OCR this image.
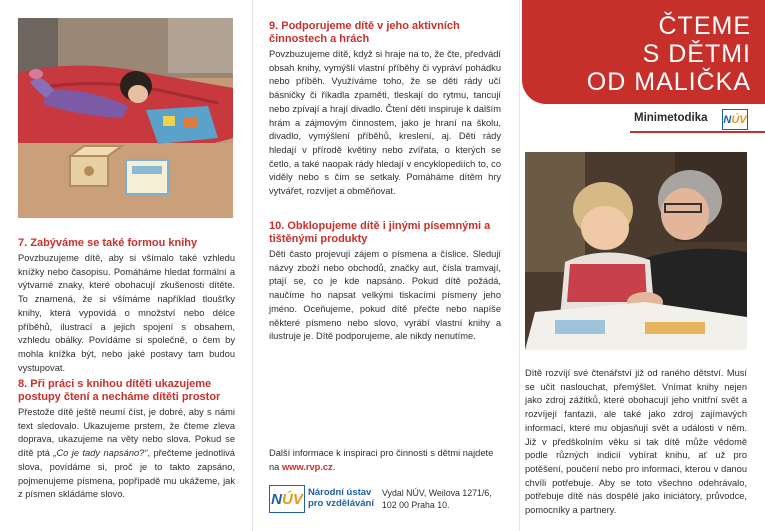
7. Zabýváme se také formou knihy

Povzbuzujeme dítě, aby si všímalo také vzhledu knížky nebo časopisu. Pomáháme hledat formální a výtvarné znaky, které obohacují zkušenosti dítěte. To znamená, že si všímáme například tloušťky knihy, která vypovídá o množství nebo délce příběhů, ilustrací a jejich spojení s obsahem, vzhledu obálky. Povídáme si společně, o čem by mohla knížka být, nebo jaké postavy tam budou vystupovat.

8. Při práci s knihou dítěti ukazujeme postupy čtení a necháme dítěti prostor

Přestože dítě ještě neumí číst, je dobré, aby s námi text sledovalo. Ukazujeme prstem, že čteme zleva doprava, ukazujeme na věty nebo slova. Pokud se dítě ptá „Co je tady napsáno?“, přečteme jednotlivá slova, povídáme si, proč je to takto zapsáno, pojmenujeme písmena, popřípadě mu ukážeme, jak z písmen skládáme slovo.

9. Podporujeme dítě v jeho aktivních činnostech a hrách

Povzbuzujeme dítě, když si hraje na to, že čte, předvádí obsah knihy, vymýšlí vlastní příběhy či vypráví pohádku nebo příběh. Využíváme toho, že se děti rády učí básničky či říkadla zpaměti, tleskají do rytmu, tancují nebo zpívají a hrají divadlo. Čtení dětí inspiruje k dalším hrám a zájmovým činnostem, jako je hraní na školu, divadlo, vymýšlení příběhů, kreslení, aj. Děti rády hledají v přírodě květiny nebo zvířata, o kterých se četlo, a také naopak rády hledají v encyklopediích to, co viděly nebo s čím se setkaly. Pomáháme dítěm hry vytvářet, rozvíjet a obměňovat.

10. Obklopujeme dítě i jinými písemnými a tištěnými produkty

Děti často projevují zájem o písmena a číslice. Sledují názvy zboží nebo obchodů, značky aut, čísla tramvají, ptají se, co je kde napsáno. Pokud dítě požádá, naučíme ho napsat velkými tiskacími písmeny jeho jméno. Oceňujeme, pokud dítě přečte nebo napíše některé písmeno nebo slovo, vyrábí vlastní knihy a ilustruje je. Dítě podporujeme, ale nikdy nenutíme.

Další informace k inspiraci pro činnosti s dětmi najdete na www.rvp.cz.

N ÚV Národní ústav
pro vzdělávání
Vydal NÚV, Weilova 1271/6,
102 00 Praha 10.
ČTEME
S DĚTMI
OD MALIČKA
Minimetodika N ÚV

Dítě rozvíjí své čtenářství již od raného dětství. Musí se učit naslouchat, přemýšlet. Vnímat knihy nejen jako zdroj zážitků, které obohacují jeho vnitřní svět a rozvíjejí fantazii, ale také jako zdroj zajímavých informací, které mu objasňují svět a události v něm. Již v předškolním věku si tak dítě může vědomě podle různých indicií vybírat knihu, ať už pro potěšení, poučení nebo pro informaci, kterou v danou chvíli potřebuje. Aby se toto všechno odehrávalo, potřebuje dítě nás dospělé jako iniciátory, průvodce, pomocníky a partnery.
